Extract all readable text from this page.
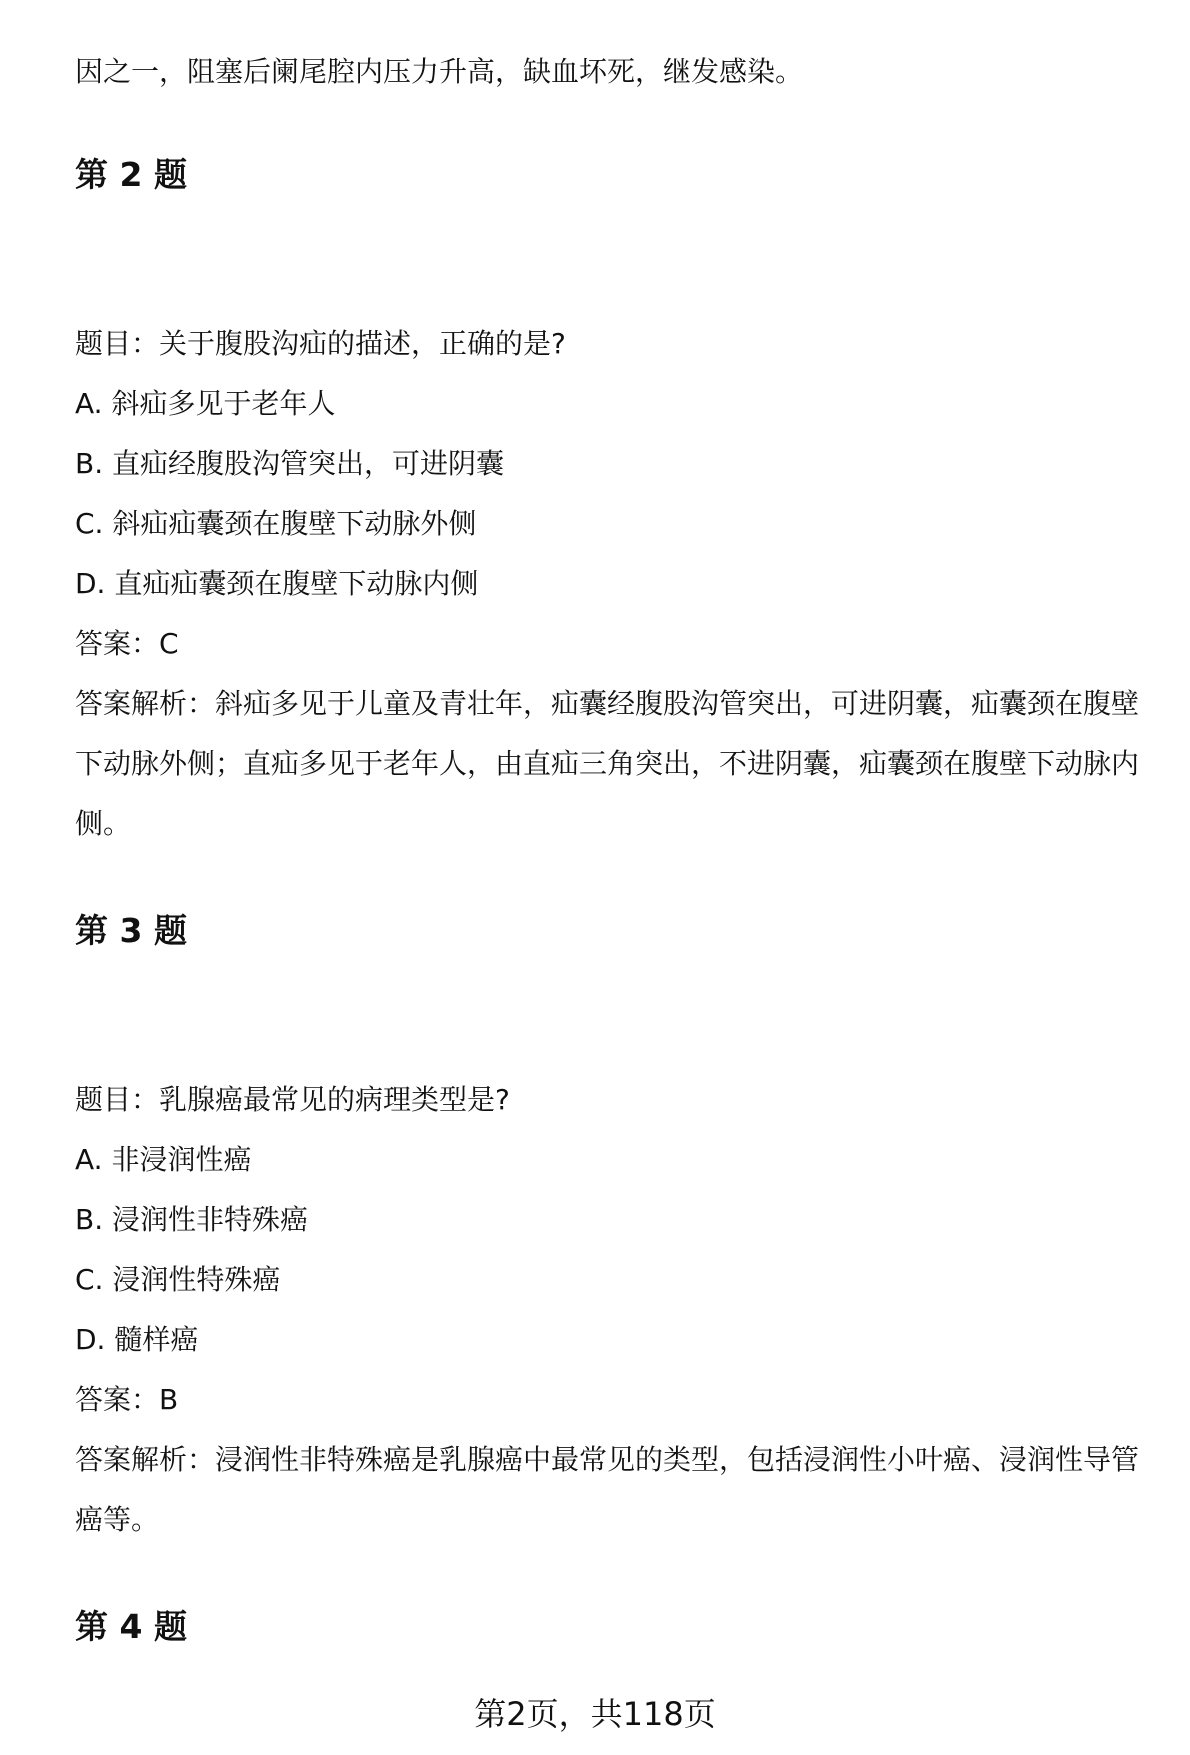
因之一，阻塞后阑尾腔内压力升高，缺血坏死，继发感染。

第 2 题

题目：关于腹股沟疝的描述，正确的是?

A. 斜疝多见于老年人

B. 直疝经腹股沟管突出，可进阴囊

C. 斜疝疝囊颈在腹壁下动脉外侧

D. 直疝疝囊颈在腹壁下动脉内侧

答案：C

答案解析：斜疝多见于儿童及青壮年，疝囊经腹股沟管突出，可进阴囊，疝囊颈在腹壁下动脉外侧；直疝多见于老年人，由直疝三角突出，不进阴囊，疝囊颈在腹壁下动脉内侧。

第 3 题

题目：乳腺癌最常见的病理类型是?

A. 非浸润性癌

B. 浸润性非特殊癌

C. 浸润性特殊癌

D. 髓样癌

答案：B

答案解析：浸润性非特殊癌是乳腺癌中最常见的类型，包括浸润性小叶癌、浸润性导管癌等。

第 4 题
第2页，共118页
